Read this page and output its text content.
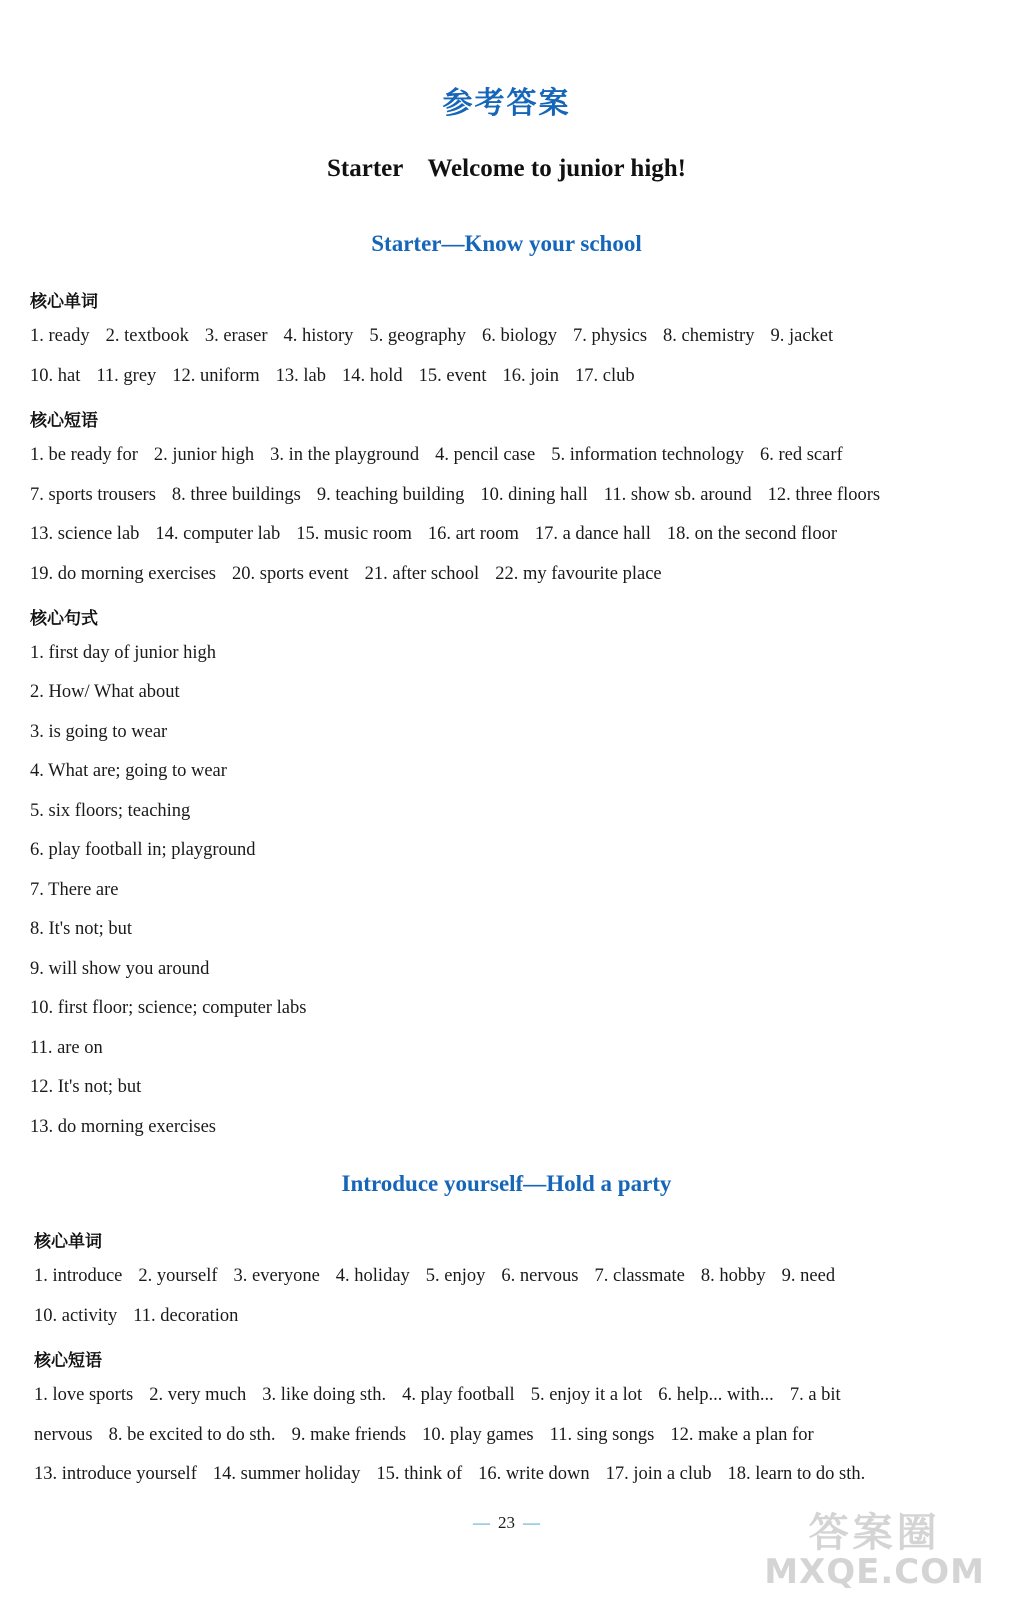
参考答案
Starter    Welcome to junior high!
Starter—Know your school
核心单词
1. ready 2. textbook 3. eraser 4. history 5. geography 6. biology 7. physics 8. chemistry 9. jacket
10. hat 11. grey 12. uniform 13. lab 14. hold 15. event 16. join 17. club
核心短语
1. be ready for 2. junior high 3. in the playground 4. pencil case 5. information technology 6. red scarf
7. sports trousers 8. three buildings 9. teaching building 10. dining hall 11. show sb. around 12. three floors
13. science lab 14. computer lab 15. music room 16. art room 17. a dance hall 18. on the second floor
19. do morning exercises 20. sports event 21. after school 22. my favourite place
核心句式
1. first day of junior high
2. How/ What about
3. is going to wear
4. What are; going to wear
5. six floors; teaching
6. play football in; playground
7. There are
8. It's not; but
9. will show you around
10. first floor; science; computer labs
11. are on
12. It's not; but
13. do morning exercises
Introduce yourself—Hold a party
核心单词
1. introduce 2. yourself 3. everyone 4. holiday 5. enjoy 6. nervous 7. classmate 8. hobby 9. need
10. activity 11. decoration
核心短语
1. love sports 2. very much 3. like doing sth. 4. play football 5. enjoy it a lot 6. help... with... 7. a bit
nervous 8. be excited to do sth. 9. make friends 10. play games 11. sing songs 12. make a plan for
13. introduce yourself 14. summer holiday 15. think of 16. write down 17. join a club 18. learn to do sth.
— 23 —	答案圈
MXQE.COM
